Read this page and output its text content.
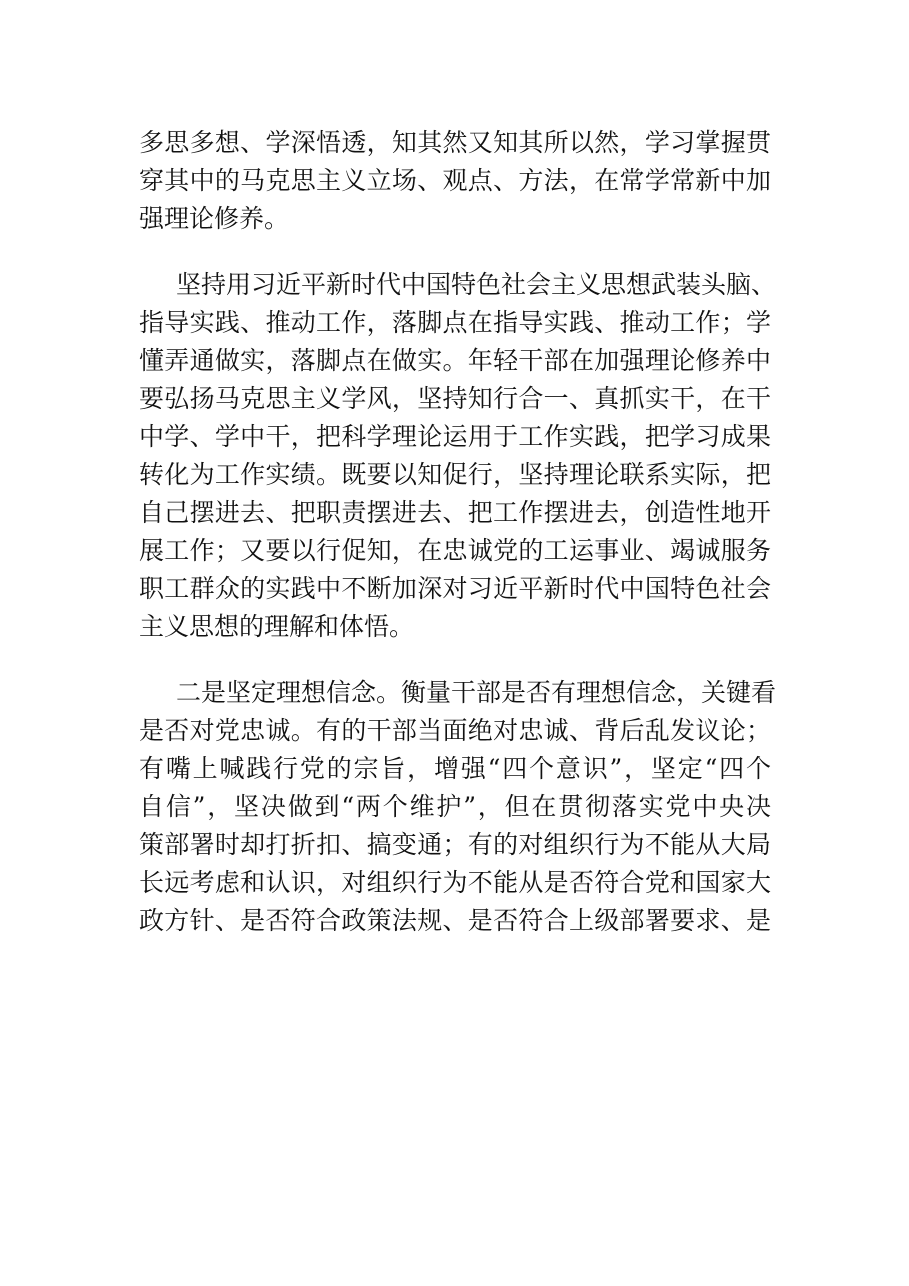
多思多想、学深悟透，知其然又知其所以然，学习掌握贯
穿其中的马克思主义立场、观点、方法，在常学常新中加
强理论修养。
坚持用习近平新时代中国特色社会主义思想武装头脑、
指导实践、推动工作，落脚点在指导实践、推动工作；学
懂弄通做实，落脚点在做实。年轻干部在加强理论修养中
要弘扬马克思主义学风，坚持知行合一、真抓实干，在干
中学、学中干，把科学理论运用于工作实践，把学习成果
转化为工作实绩。既要以知促行，坚持理论联系实际，把
自己摆进去、把职责摆进去、把工作摆进去，创造性地开
展工作；又要以行促知，在忠诚党的工运事业、竭诚服务
职工群众的实践中不断加深对习近平新时代中国特色社会
主义思想的理解和体悟。
二是坚定理想信念。衡量干部是否有理想信念，关键看
是否对党忠诚。有的干部当面绝对忠诚、背后乱发议论；
有嘴上喊践行党的宗旨，增强“四个意识”，坚定“四个
自信”，坚决做到“两个维护”，但在贯彻落实党中央决
策部署时却打折扣、搞变通；有的对组织行为不能从大局
长远考虑和认识，对组织行为不能从是否符合党和国家大
政方针、是否符合政策法规、是否符合上级部署要求、是
